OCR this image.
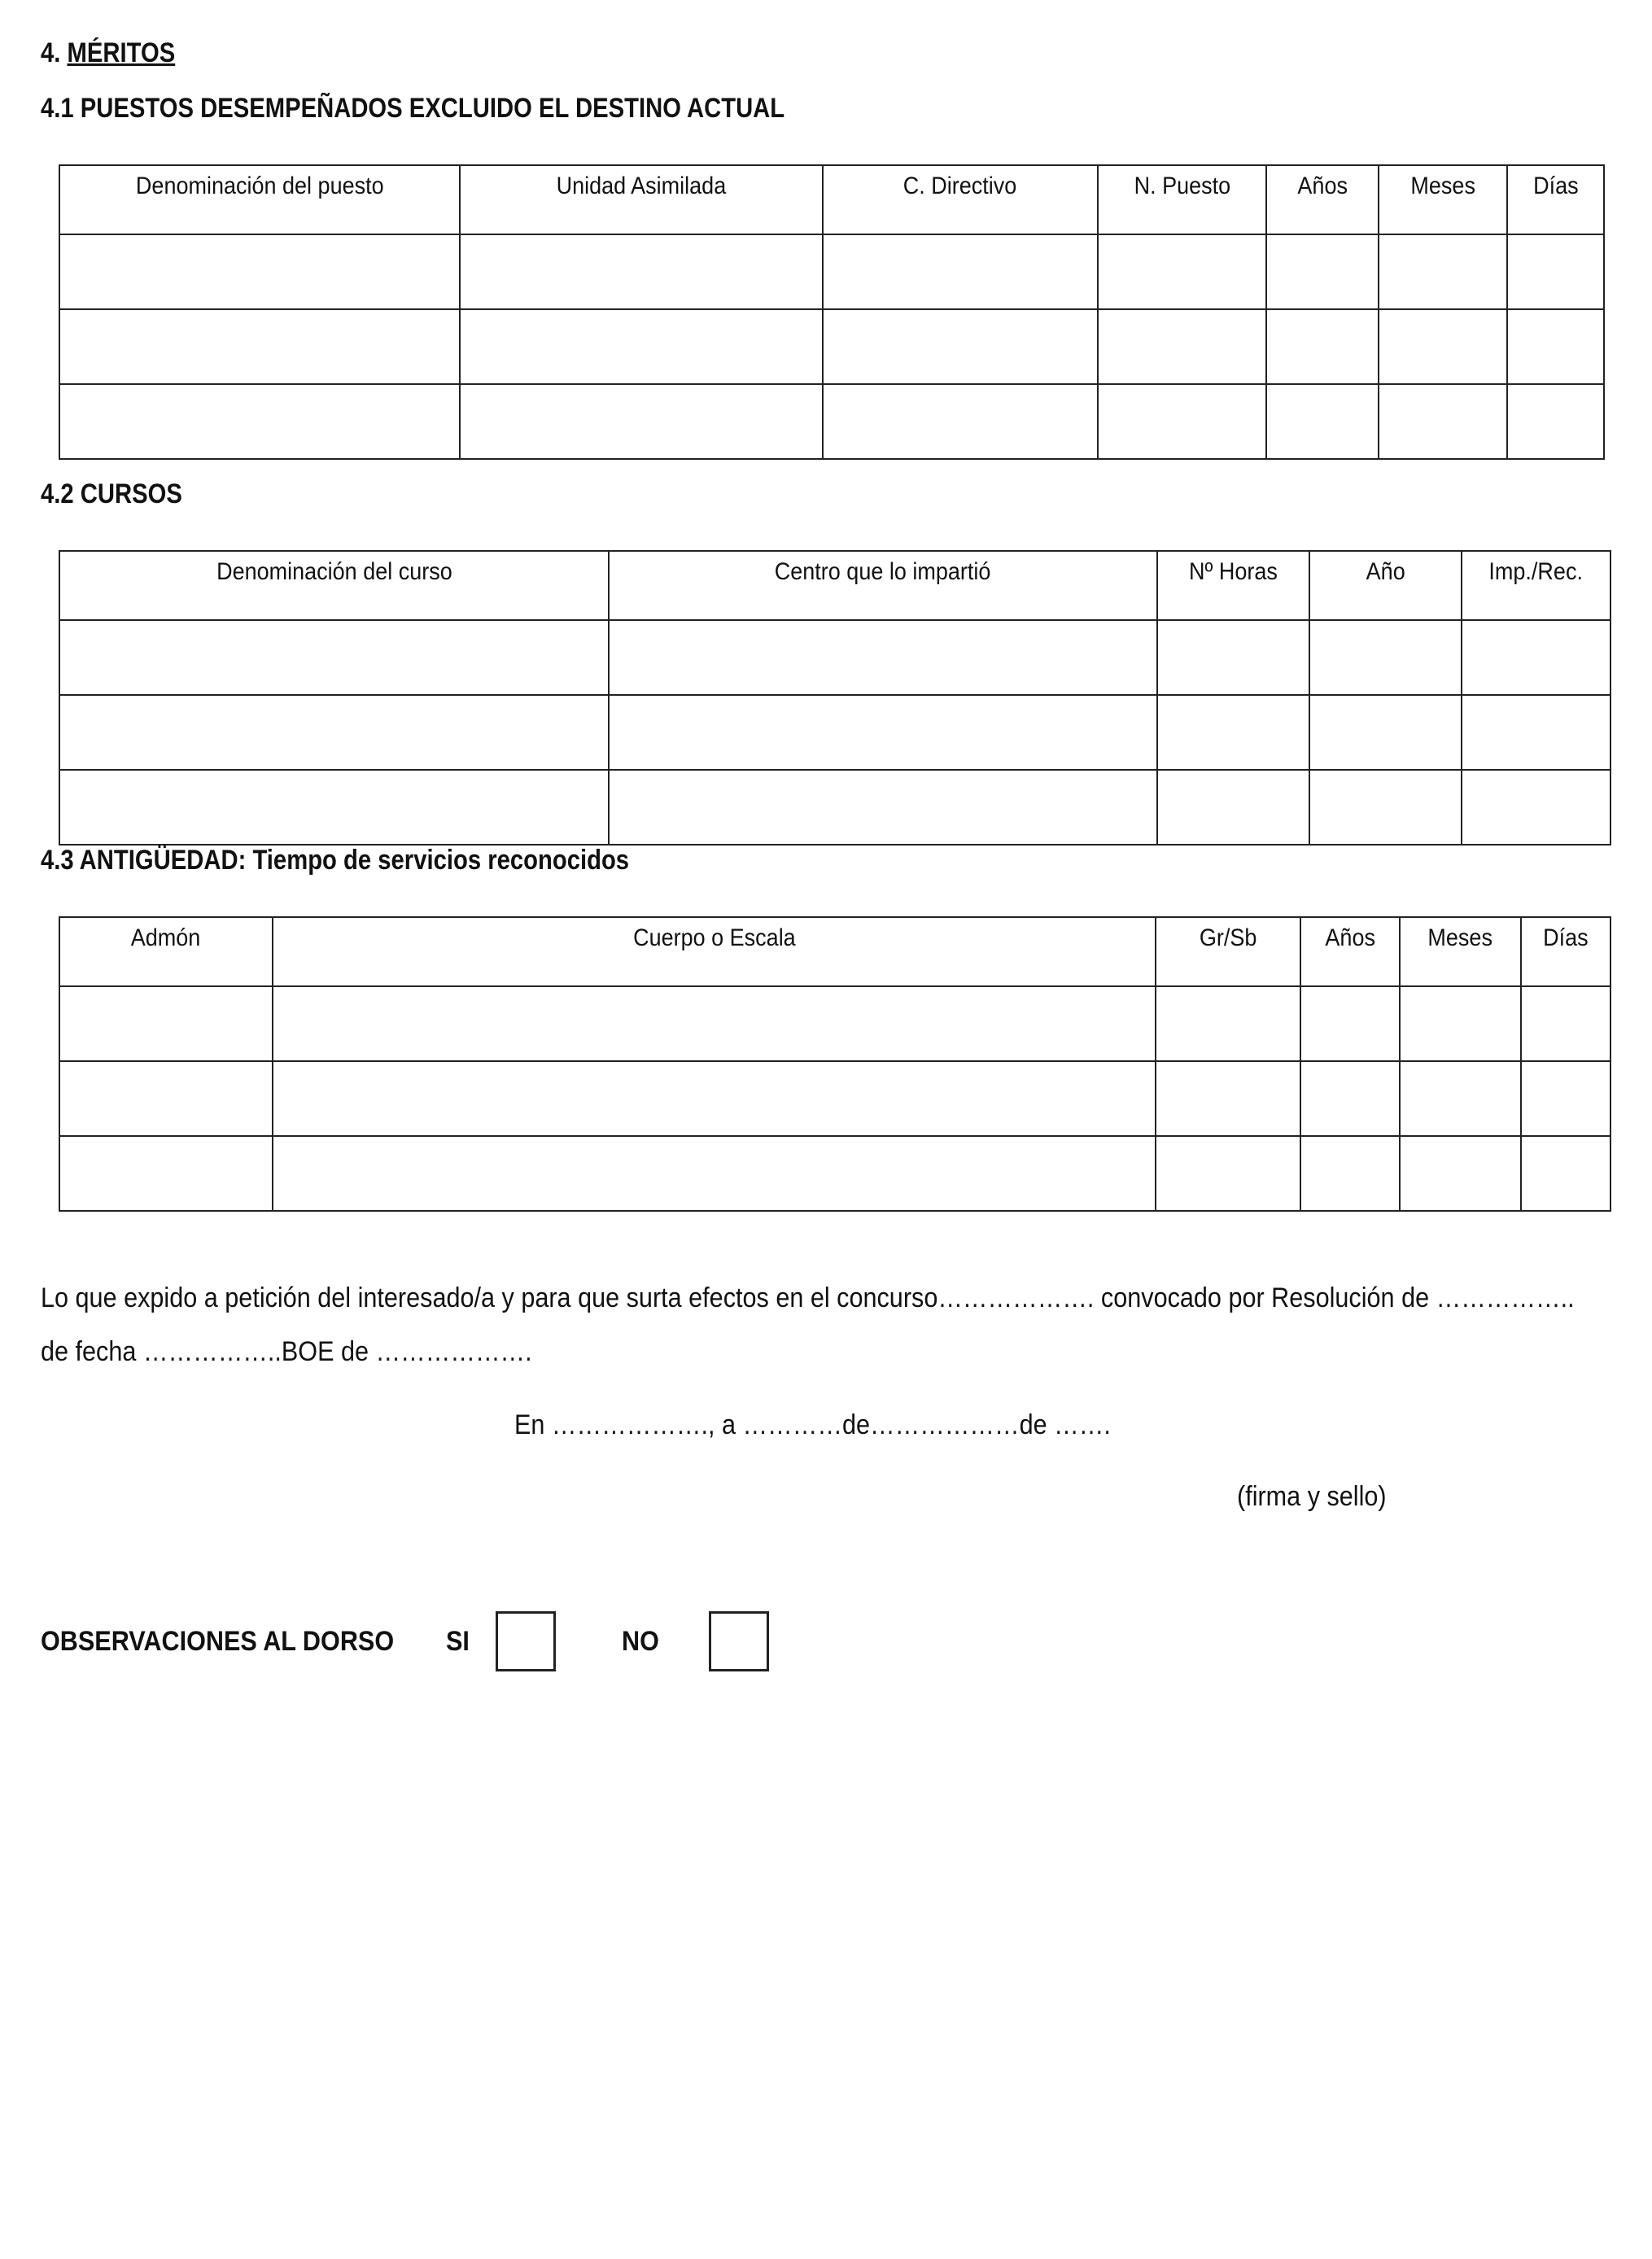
4. MÉRITOS
4.1 PUESTOS DESEMPEÑADOS EXCLUIDO EL DESTINO ACTUAL
Denominación del puesto	Unidad Asimilada	C. Directivo	N. Puesto	Años	Meses	Días

4.2 CURSOS
Denominación del curso	Centro que lo impartió	Nº Horas	Año	Imp./Rec.

4.3 ANTIGÜEDAD: Tiempo de servicios reconocidos
Admón	Cuerpo o Escala	Gr/Sb	Años	Meses	Días

Lo que expido a petición del interesado/a y para que surta efectos en el concurso………………. convocado por Resolución de ……………..
de fecha ……………..BOE de ……………….
En ………………., a …………de………………de …….
(firma y sello)
OBSERVACIONES AL DORSO SI	NO
